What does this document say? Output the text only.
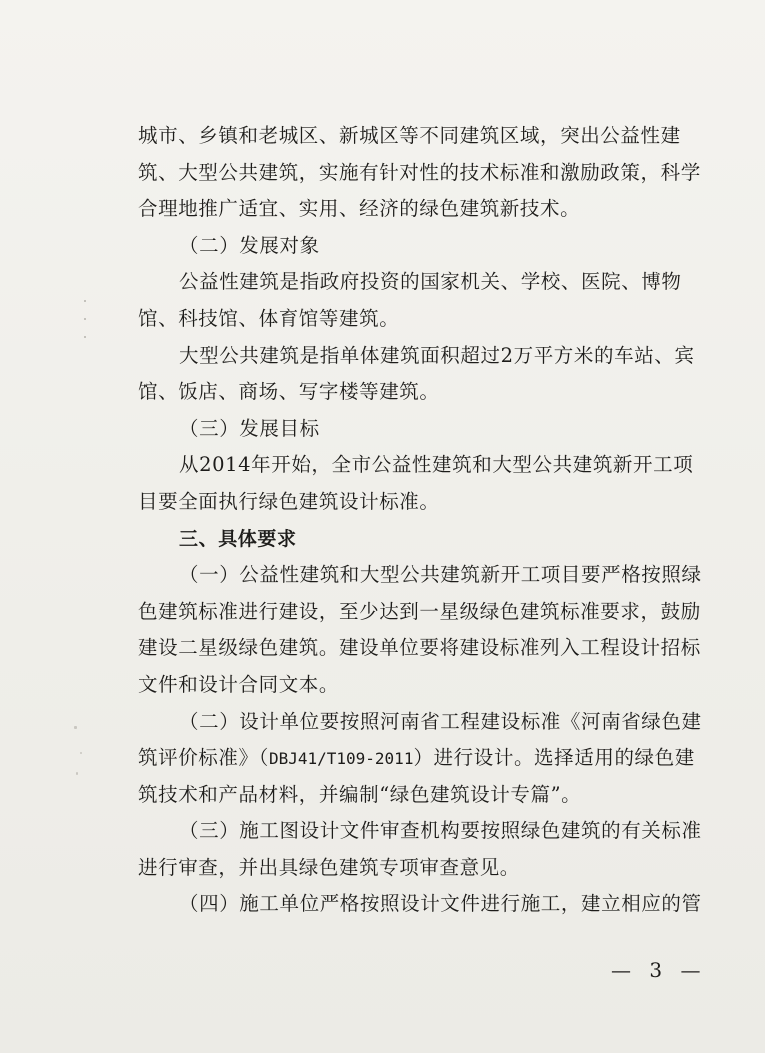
城市、乡镇和老城区、新城区等不同建筑区域，突出公益性建
筑、大型公共建筑，实施有针对性的技术标准和激励政策，科学
合理地推广适宜、实用、经济的绿色建筑新技术。
（二）发展对象
公益性建筑是指政府投资的国家机关、学校、医院、博物
馆、科技馆、体育馆等建筑。
大型公共建筑是指单体建筑面积超过2万平方米的车站、宾
馆、饭店、商场、写字楼等建筑。
（三）发展目标
从2014年开始，全市公益性建筑和大型公共建筑新开工项
目要全面执行绿色建筑设计标准。
三、具体要求
（一）公益性建筑和大型公共建筑新开工项目要严格按照绿
色建筑标准进行建设，至少达到一星级绿色建筑标准要求，鼓励
建设二星级绿色建筑。建设单位要将建设标准列入工程设计招标
文件和设计合同文本。
（二）设计单位要按照河南省工程建设标准《河南省绿色建
筑评价标准》（DBJ41/T109-2011）进行设计。选择适用的绿色建
筑技术和产品材料，并编制“绿色建筑设计专篇”。
（三）施工图设计文件审查机构要按照绿色建筑的有关标准
进行审查，并出具绿色建筑专项审查意见。
（四）施工单位严格按照设计文件进行施工，建立相应的管
— 3 —
